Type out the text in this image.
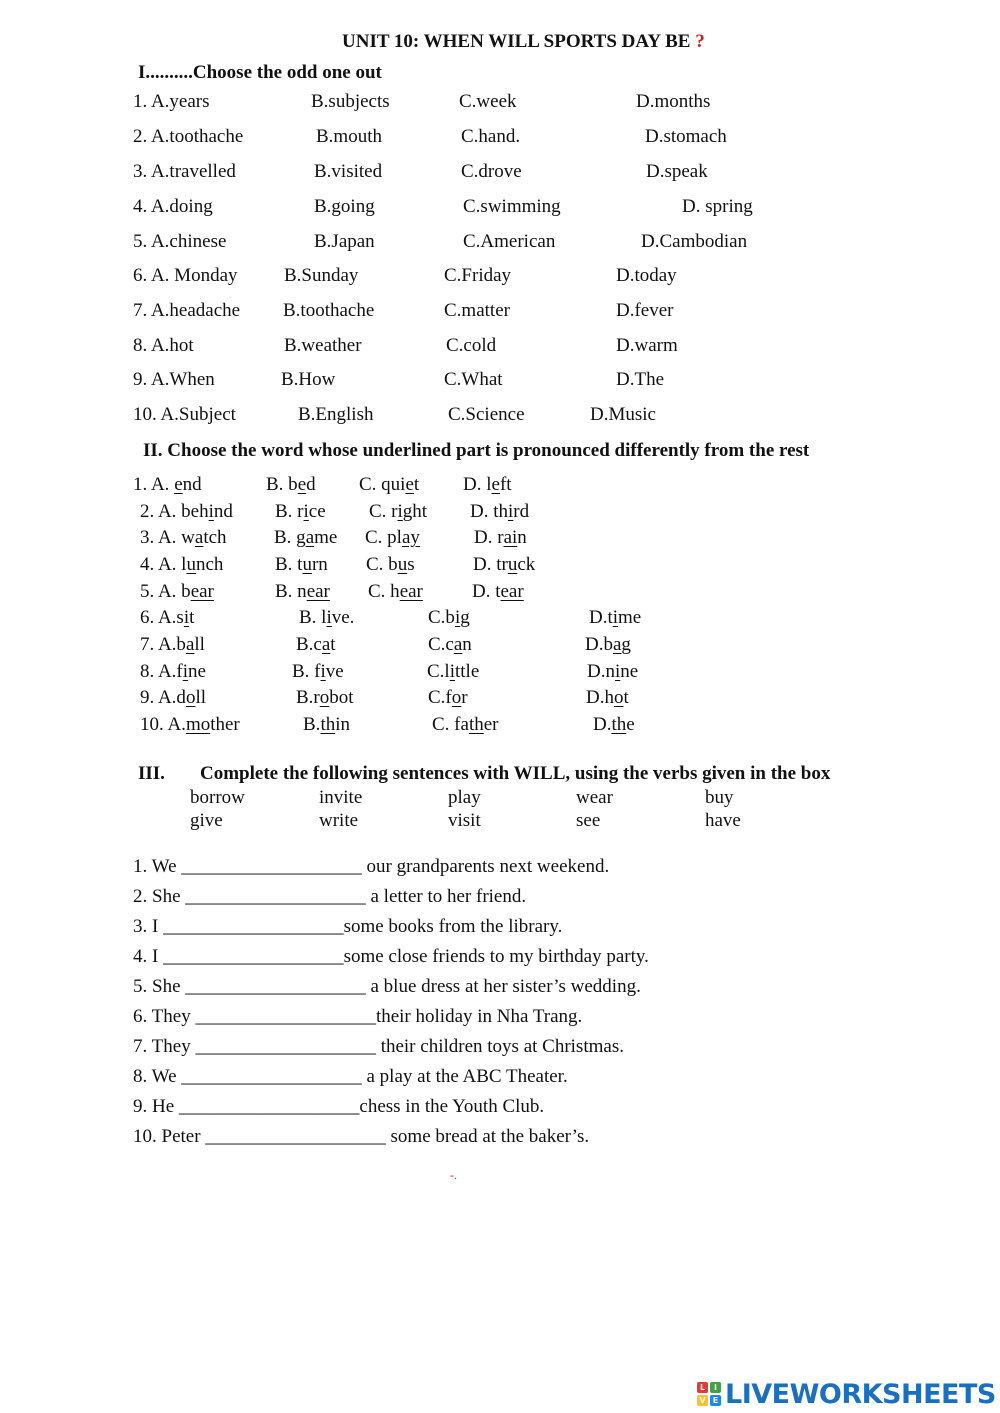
UNIT 10: WHEN WILL SPORTS DAY BE ?
I..........Choose the odd one out
1. A.years	B.subjects	C.week	D.months
2. A.toothache	B.mouth	C.hand.	D.stomach
3. A.travelled	B.visited	C.drove	D.speak
4. A.doing	B.going	C.swimming	D. spring
5. A.chinese	B.Japan	C.American	D.Cambodian
6. A. Monday B.Sunday	C.Friday	D.today
7. A.headache B.toothache	C.matter	D.fever
8. A.hot	B.weather	C.cold	D.warm
9. A.When	B.How	C.What	D.The
10. A.Subject	B.English	C.Science	D.Music
II. Choose the word whose underlined part is pronounced differently from the rest
1. A. end	B. bed C. quiet D. left
2. A. behind B. rice C. right D. third
3. A. watch B. game C. play	D. rain
4. A. lunch	B. turn C. bus	D. truck
5. A. bear	B. near C. hear	D. tear
6. A.sit	B. live.	C.big	D.time
7. A.ball	B.cat	C.can	D.bag
8. A.fine	B. five	C.little	D.nine
9. A.doll	B.robot	C.for	D.hot
10. A.mother	B.thin	C. father	D.the
III. Complete the following sentences with WILL, using the verbs given in the box
borrow	invite	play	wear	buy
give	write	visit	see	have
1. We ___________________ our grandparents next weekend.
2. She ___________________ a letter to her friend.
3. I ___________________some books from the library.
4. I ___________________some close friends to my birthday party.
5. She ___________________ a blue dress at her sister’s wedding.
6. They ___________________their holiday in Nha Trang.
7. They ___________________ their children toys at Christmas.
8. We ___________________ a play at the ABC Theater.
9. He ___________________chess in the Youth Club.
10. Peter ___________________ some bread at the baker’s.
-.
L	I
V E LIVEWORKSHEETS
